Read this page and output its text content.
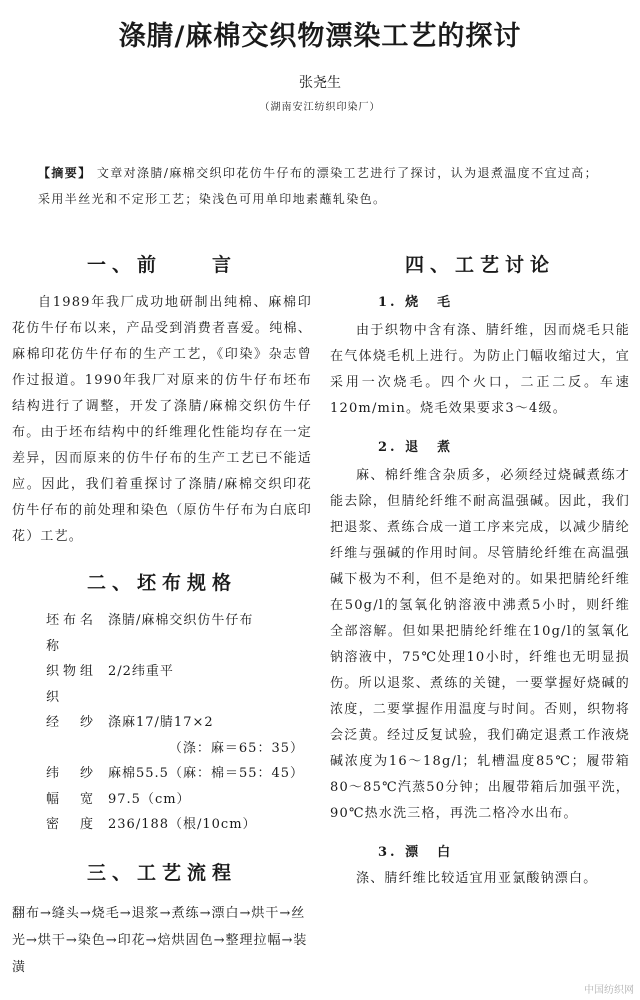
涤腈/麻棉交织物漂染工艺的探讨
张尧生
（湖南安江纺织印染厂）
【摘要】 文章对涤腈/麻棉交织印花仿牛仔布的漂染工艺进行了探讨，认为退煮温度不宜过高；采用半丝光和不定形工艺；染浅色可用单印地素蘸轧染色。
一、前　　言

自1989年我厂成功地研制出纯棉、麻棉印花仿牛仔布以来，产品受到消费者喜爱。纯棉、麻棉印花仿牛仔布的生产工艺，《印染》杂志曾作过报道。1990年我厂对原来的仿牛仔布坯布结构进行了调整，开发了涤腈/麻棉交织仿牛仔布。由于坯布结构中的纤维理化性能均存在一定差异，因而原来的仿牛仔布的生产工艺已不能适应。因此，我们着重探讨了涤腈/麻棉交织印花仿牛仔布的前处理和染色（原仿牛仔布为白底印花）工艺。

二、坯布规格
坯布名称
涤腈/麻棉交织仿牛仔布
织物组织
2/2纬重平
经　纱 涤麻17/腈17×2
（涤：麻＝65：35）
纬　纱 麻棉55.5（麻：棉＝55：45）
幅　宽 97.5（cm）
密　度 236/188（根/10cm）
三、工艺流程

翻布→缝头→烧毛→退浆→煮练→漂白→烘干→丝光→烘干→染色→印花→焙烘固色→整理拉幅→装潢

四、工艺讨论
1. 烧　毛

由于织物中含有涤、腈纤维，因而烧毛只能在气体烧毛机上进行。为防止门幅收缩过大，宜采用一次烧毛。四个火口，二正二反。车速120m/min。烧毛效果要求3～4级。

2. 退　煮

麻、棉纤维含杂质多，必须经过烧碱煮练才能去除，但腈纶纤维不耐高温强碱。因此，我们把退浆、煮练合成一道工序来完成，以减少腈纶纤维与强碱的作用时间。尽管腈纶纤维在高温强碱下极为不利，但不是绝对的。如果把腈纶纤维在50g/l的氢氧化钠溶液中沸煮5小时，则纤维全部溶解。但如果把腈纶纤维在10g/l的氢氧化钠溶液中，75℃处理10小时，纤维也无明显损伤。所以退浆、煮练的关键，一要掌握好烧碱的浓度，二要掌握作用温度与时间。否则，织物将会泛黄。经过反复试验，我们确定退煮工作液烧碱浓度为16～18g/l；轧槽温度85℃；履带箱80～85℃汽蒸50分钟；出履带箱后加强平洗，90℃热水洗三格，再洗二格冷水出布。

3. 漂　白

涤、腈纤维比较适宜用亚氯酸钠漂白。

中国纺织网
